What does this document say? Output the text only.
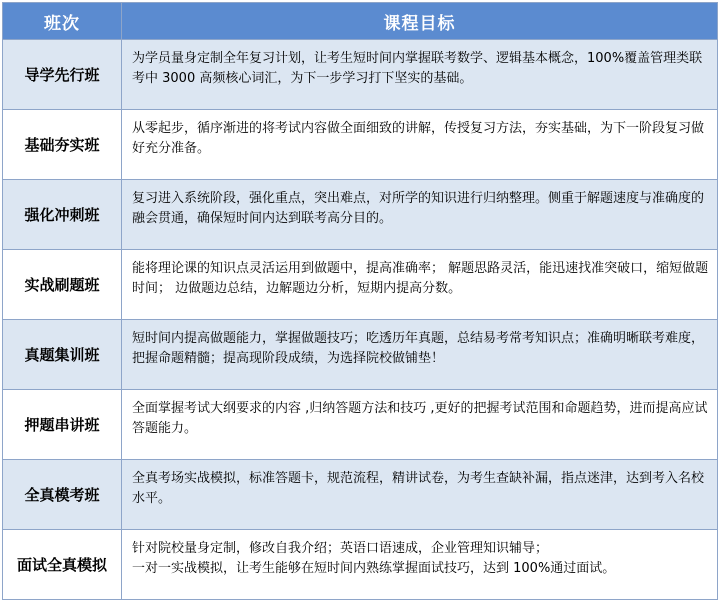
班次	课程目标
导学先行班	为学员量身定制全年复习计划，让考生短时间内掌握联考数学、逻辑基本概念，100%覆盖管理类联考中 3000 高频核心词汇，为下一步学习打下坚实的基础。
基础夯实班	从零起步，循序渐进的将考试内容做全面细致的讲解，传授复习方法，夯实基础，为下一阶段复习做好充分准备。
强化冲刺班	复习进入系统阶段，强化重点，突出难点，对所学的知识进行归纳整理。侧重于解题速度与准确度的融会贯通，确保短时间内达到联考高分目的。
实战刷题班	能将理论课的知识点灵活运用到做题中，提高准确率； 解题思路灵活，能迅速找准突破口，缩短做题时间； 边做题边总结，边解题边分析，短期内提高分数。
真题集训班	短时间内提高做题能力，掌握做题技巧；吃透历年真题，总结易考常考知识点；准确明晰联考难度，把握命题精髓；提高现阶段成绩，为选择院校做铺垫！
押题串讲班	全面掌握考试大纲要求的内容 ,归纳答题方法和技巧 ,更好的把握考试范围和命题趋势，进而提高应试答题能力。
全真模考班	全真考场实战模拟，标准答题卡，规范流程，精讲试卷，为考生查缺补漏，指点迷津，达到考入名校水平。
面试全真模拟	针对院校量身定制，修改自我介绍；英语口语速成，企业管理知识辅导；
一对一实战模拟，让考生能够在短时间内熟练掌握面试技巧，达到 100%通过面试。
